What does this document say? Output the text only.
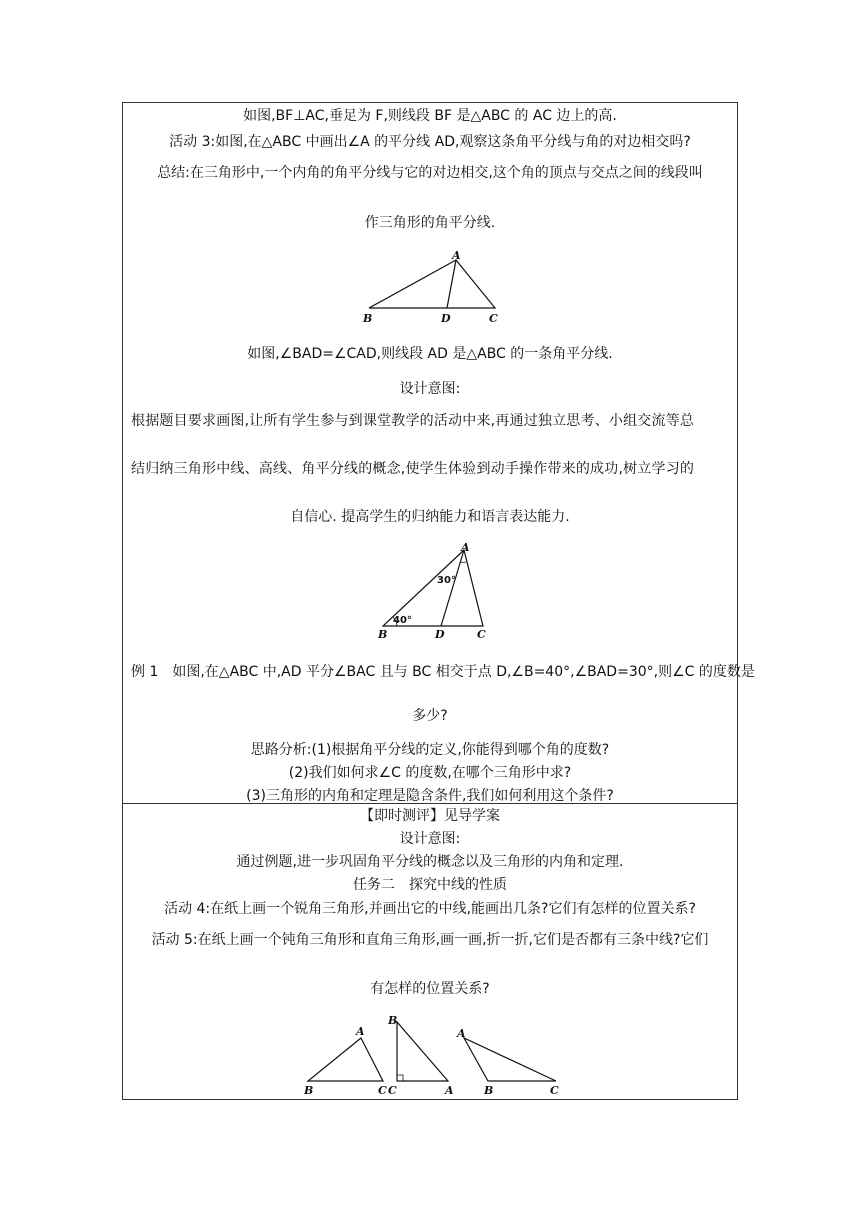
如图,BF⊥AC,垂足为 F,则线段 BF 是△ABC 的 AC 边上的高.
活动 3:如图,在△ABC 中画出∠A 的平分线 AD,观察这条角平分线与角的对边相交吗?
总结:在三角形中,一个内角的角平分线与它的对边相交,这个角的顶点与交点之间的线段叫
作三角形的角平分线.
A
B	D	C
如图,∠BAD=∠CAD,则线段 AD 是△ABC 的一条角平分线.
设计意图:
根据题目要求画图,让所有学生参与到课堂教学的活动中来,再通过独立思考、小组交流等总
结归纳三角形中线、高线、角平分线的概念,使学生体验到动手操作带来的成功,树立学习的
自信心. 提高学生的归纳能力和语言表达能力.
A
B	D	C
30°
40°
例 1　如图,在△ABC 中,AD 平分∠BAC 且与 BC 相交于点 D,∠B=40°,∠BAD=30°,则∠C 的度数是
多少?
思路分析:(1)根据角平分线的定义,你能得到哪个角的度数?
(2)我们如何求∠C 的度数,在哪个三角形中求?
(3)三角形的内角和定理是隐含条件,我们如何利用这个条件?
【即时测评】见导学案
设计意图:
通过例题,进一步巩固角平分线的概念以及三角形的内角和定理.
任务二　探究中线的性质
活动 4:在纸上画一个锐角三角形,并画出它的中线,能画出几条?它们有怎样的位置关系?
活动 5:在纸上画一个钝角三角形和直角三角形,画一画,折一折,它们是否都有三条中线?它们
有怎样的位置关系?
A
B	C
B
C	A
A
B	C
